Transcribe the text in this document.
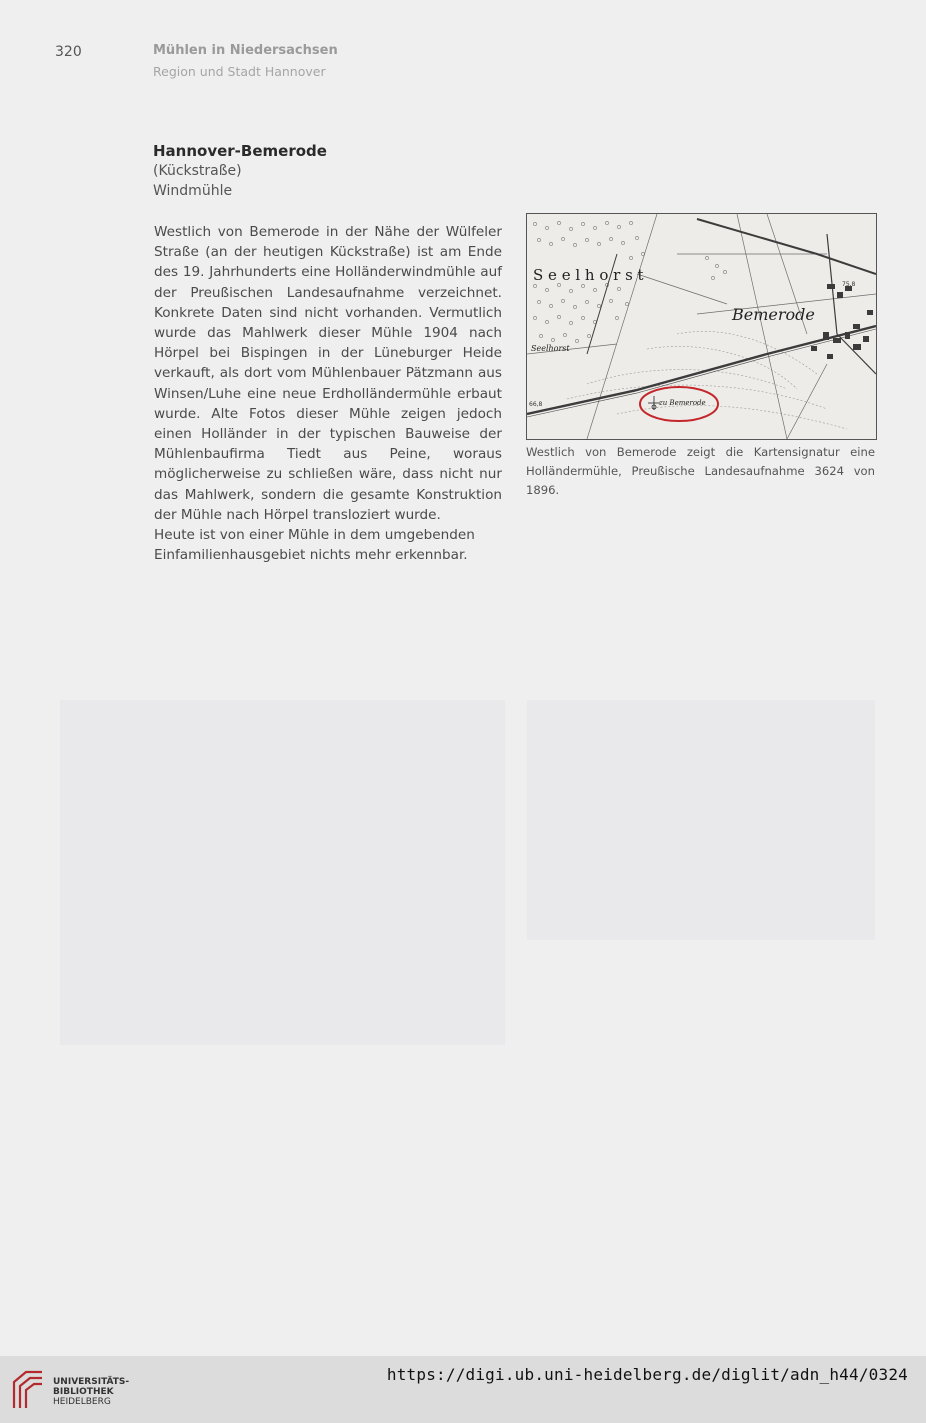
320	Mühlen in Niedersachsen
Region und Stadt Hannover
Hannover-Bemerode
(Kückstraße)
Windmühle

Westlich von Bemerode in der Nähe der Wülfeler Straße (an der heutigen Kückstraße) ist am Ende des 19. Jahrhunderts eine Holländerwindmühle auf der Preußischen Landesaufnahme verzeichnet. Konkrete Daten sind nicht vorhanden. Vermutlich wurde das Mahlwerk dieser Mühle 1904 nach Hörpel bei Bispingen in der Lüneburger Heide verkauft, als dort vom Mühlenbauer Pätzmann aus Winsen/Luhe eine neue Erdholländermühle erbaut wurde. Alte Fotos dieser Mühle zeigen jedoch einen Holländer in der typischen Bauweise der Mühlenbaufirma Tiedt aus Peine, woraus möglicherweise zu schließen wäre, dass nicht nur das Mahlwerk, sondern die gesamte Konstruktion der Mühle nach Hörpel transloziert wurde.

Heute ist von einer Mühle in dem umgebenden Einfamilienhausgebiet nichts mehr erkennbar.

S e e l h o r s t
Bemerode
Seelhorst
66,8
75,8
zu Bemerode
Westlich von Bemerode zeigt die Kartensignatur eine Holländermühle, Preußische Landesaufnahme 3624 von 1896.
UNIVERSITÄTS-
BIBLIOTHEK
HEIDELBERG
https://digi.ub.uni-heidelberg.de/diglit/adn_h44/0324
